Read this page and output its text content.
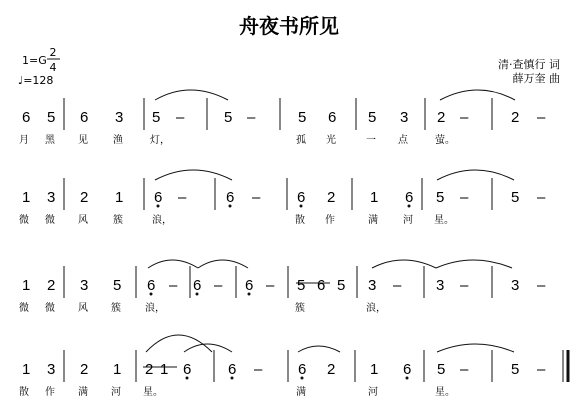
舟夜书所见
1=G
2
4
♩=128
清·查慎行 词
薛万奎 曲
6 5 6 3 5 –	5 –	5 6 5 3 2 –	2 –
月 黑 见	渔	灯，	孤 光	一 点	萤。
1 3 2 1 6 –	6 – 6 2 1 6 5 –	5 –
微 微 风	簇	浪，	散 作	满	河 星。
1 2 3 5 6 – 6 – 6 – 5 6 5 3 – 3 –	3 –
微 微 风 簇 浪，	簇	浪，
1 3 2 1 2 1 6 6 – 6 2 1 6 5 –	5 –
散 作 满 河 星。	满	河	星。
